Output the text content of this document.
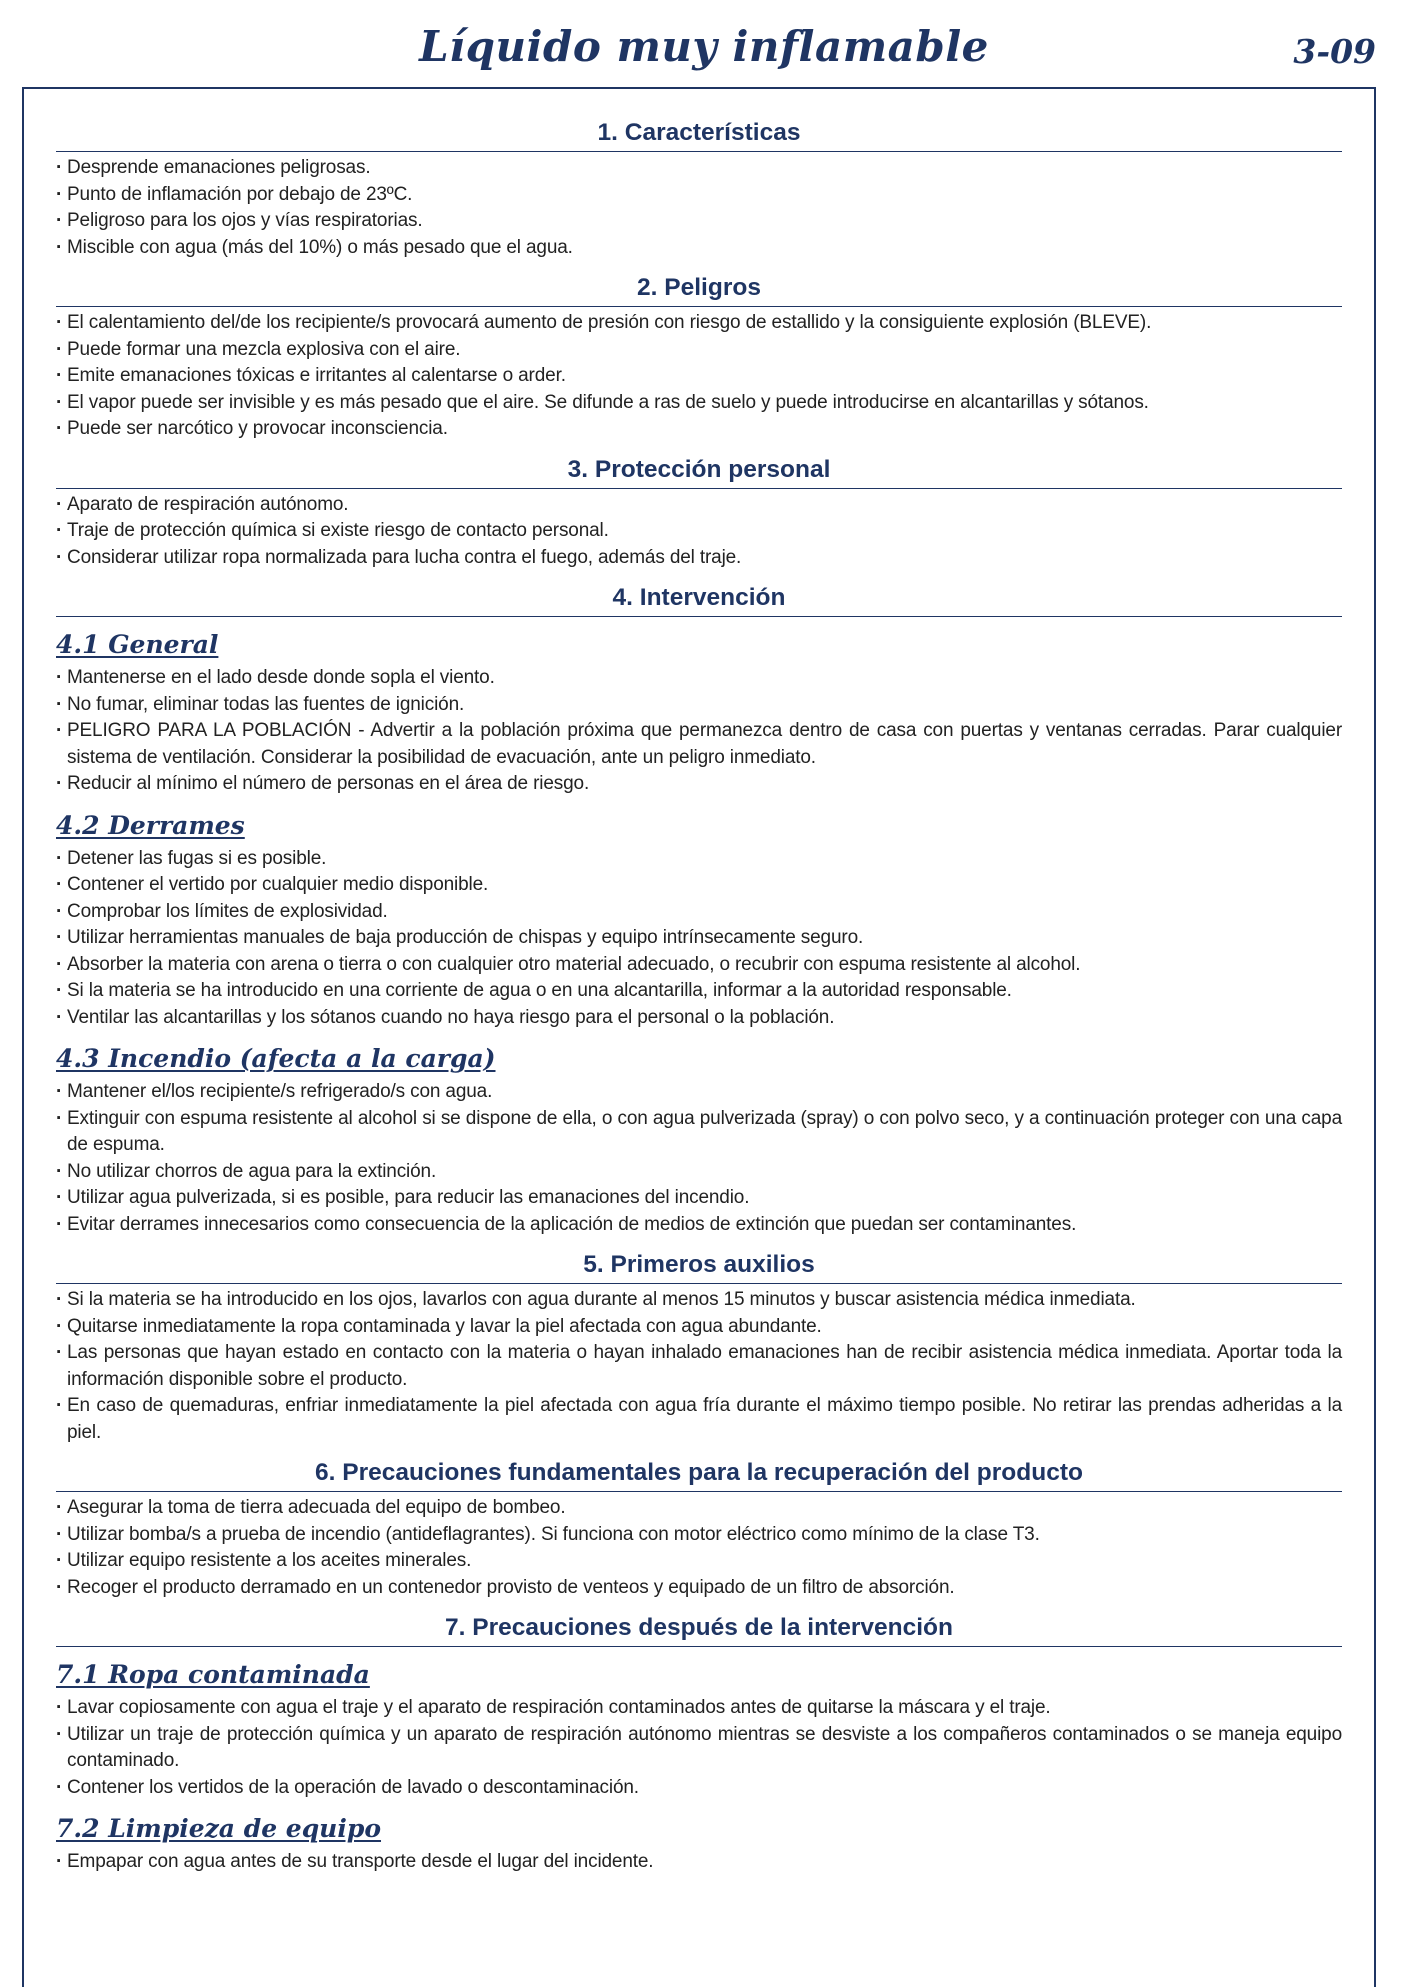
Líquido muy inflamable	3-09
1. Características
· Desprende emanaciones peligrosas.
· Punto de inflamación por debajo de 23ºC.
· Peligroso para los ojos y vías respiratorias.
· Miscible con agua (más del 10%) o más pesado que el agua.
2. Peligros
· El calentamiento del/de los recipiente/s provocará aumento de presión con riesgo de estallido y la consiguiente explosión (BLEVE).
· Puede formar una mezcla explosiva con el aire.
· Emite emanaciones tóxicas e irritantes al calentarse o arder.
· El vapor puede ser invisible y es más pesado que el aire. Se difunde a ras de suelo y puede introducirse en alcantarillas y sótanos.
· Puede ser narcótico y provocar inconsciencia.
3. Protección personal
· Aparato de respiración autónomo.
· Traje de protección química si existe riesgo de contacto personal.
· Considerar utilizar ropa normalizada para lucha contra el fuego, además del traje.
4. Intervención
4.1 General
· Mantenerse en el lado desde donde sopla el viento.
· No fumar, eliminar todas las fuentes de ignición.
· PELIGRO PARA LA POBLACIÓN - Advertir a la población próxima que permanezca dentro de casa con puertas y ventanas cerradas. Parar cualquier sistema de ventilación. Considerar la posibilidad de evacuación, ante un peligro inmediato.
· Reducir al mínimo el número de personas en el área de riesgo.
4.2 Derrames
· Detener las fugas si es posible.
· Contener el vertido por cualquier medio disponible.
· Comprobar los límites de explosividad.
· Utilizar herramientas manuales de baja producción de chispas y equipo intrínsecamente seguro.
· Absorber la materia con arena o tierra o con cualquier otro material adecuado, o recubrir con espuma resistente al alcohol.
· Si la materia se ha introducido en una corriente de agua o en una alcantarilla, informar a la autoridad responsable.
· Ventilar las alcantarillas y los sótanos cuando no haya riesgo para el personal o la población.
4.3 Incendio (afecta a la carga)
· Mantener el/los recipiente/s refrigerado/s con agua.
· Extinguir con espuma resistente al alcohol si se dispone de ella, o con agua pulverizada (spray) o con polvo seco, y a continuación proteger con una capa de espuma.
· No utilizar chorros de agua para la extinción.
· Utilizar agua pulverizada, si es posible, para reducir las emanaciones del incendio.
· Evitar derrames innecesarios como consecuencia de la aplicación de medios de extinción que puedan ser contaminantes.
5. Primeros auxilios
· Si la materia se ha introducido en los ojos, lavarlos con agua durante al menos 15 minutos y buscar asistencia médica inmediata.
· Quitarse inmediatamente la ropa contaminada y lavar la piel afectada con agua abundante.
· Las personas que hayan estado en contacto con la materia o hayan inhalado emanaciones han de recibir asistencia médica inmediata. Aportar toda la información disponible sobre el producto.
· En caso de quemaduras, enfriar inmediatamente la piel afectada con agua fría durante el máximo tiempo posible. No retirar las prendas adheridas a la piel.
6. Precauciones fundamentales para la recuperación del producto
· Asegurar la toma de tierra adecuada del equipo de bombeo.
· Utilizar bomba/s a prueba de incendio (antideflagrantes). Si funciona con motor eléctrico como mínimo de la clase T3.
· Utilizar equipo resistente a los aceites minerales.
· Recoger el producto derramado en un contenedor provisto de venteos y equipado de un filtro de absorción.
7. Precauciones después de la intervención
7.1 Ropa contaminada
· Lavar copiosamente con agua el traje y el aparato de respiración contaminados antes de quitarse la máscara y el traje.
· Utilizar un traje de protección química y un aparato de respiración autónomo mientras se desviste a los compañeros contaminados o se maneja equipo contaminado.
· Contener los vertidos de la operación de lavado o descontaminación.
7.2 Limpieza de equipo
· Empapar con agua antes de su transporte desde el lugar del incidente.
